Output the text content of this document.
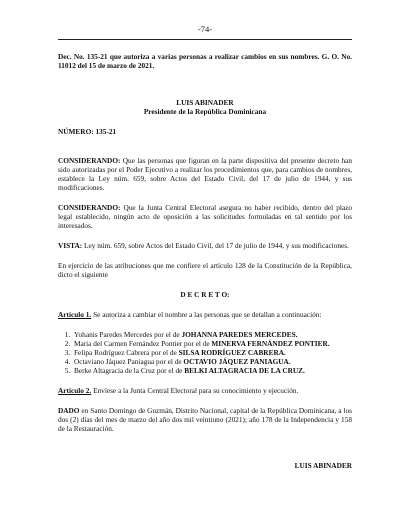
-74-

Dec. No. 135-21 que autoriza a varias personas a realizar cambios en sus nombres. G. O. No. 11012 del 15 de marzo de 2021.

LUIS ABINADER

Presidente de la República Dominicana

NÚMERO: 135-21

CONSIDERANDO: Que las personas que figuran en la parte dispositiva del presente decreto han sido autorizadas por el Poder Ejecutivo a realizar los procedimientos que, para cambios de nombres, establece la Ley núm. 659, sobre Actos del Estado Civil, del 17 de julio de 1944, y sus modificaciones.

CONSIDERANDO: Que la Junta Central Electoral asegura no haber recibido, dentro del plazo legal establecido, ningún acto de oposición a las solicitudes formuladas en tal sentido por los interesados.

VISTA: Ley núm. 659, sobre Actos del Estado Civil, del 17 de julio de 1944, y sus modificaciones.

En ejercicio de las atribuciones que me confiere el artículo 128 de la Constitución de la República, dicto el siguiente

D E C R E T O:

Artículo 1. Se autoriza a cambiar el nombre a las personas que se detallan a continuación:

1. Yohanis Paredes Mercedes por el de JOHANNA PAREDES MERCEDES.
2. Maria del Carmen Fernández Pontier por el de MINERVA FERNÁNDEZ PONTIER.
3. Felipa Rodríguez Cabrera por el de SILSA RODRÍGUEZ CABRERA.
4. Octaviano Jáquez Paniagua por el de OCTAVIO JÁQUEZ PANIAGUA.
5. Berke Altagracia de la Cruz por el de BELKI ALTAGRACIA DE LA CRUZ.

Artículo 2. Envíese a la Junta Central Electoral para su conocimiento y ejecución.

DADO en Santo Domingo de Guzmán, Distrito Nacional, capital de la República Dominicana, a los dos (2) días del mes de marzo del año dos mil veintiuno (2021); año 178 de la Independencia y 158 de la Restauración.

LUIS ABINADER
